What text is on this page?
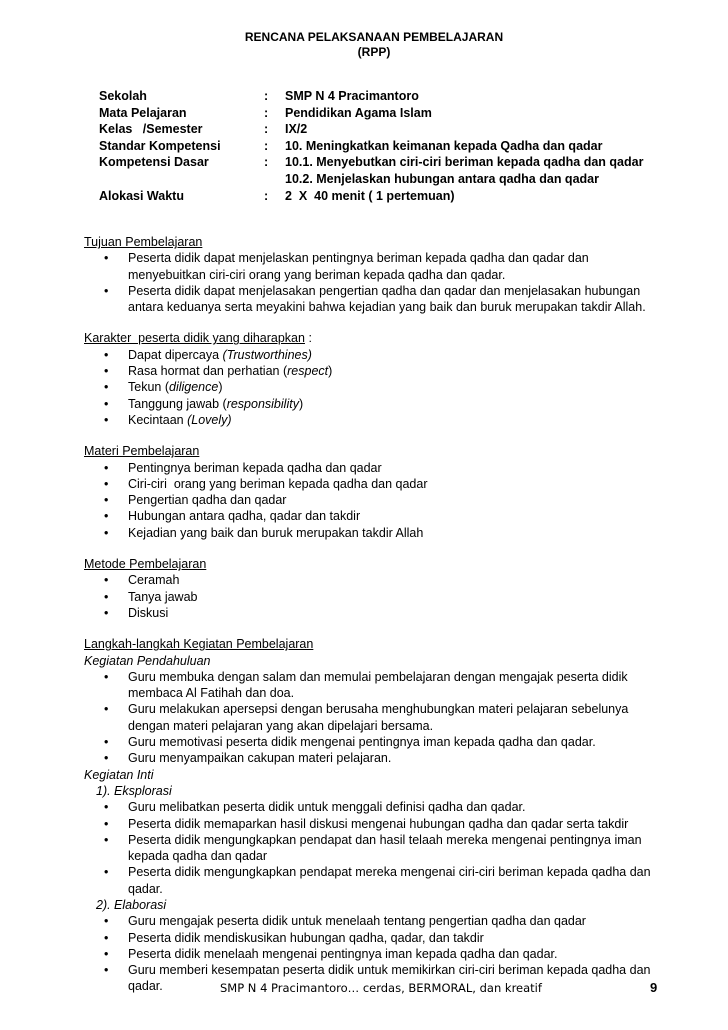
RENCANA PELAKSANAAN PEMBELAJARAN
(RPP)
Sekolah	: SMP N 4 Pracimantoro
Mata Pelajaran	: Pendidikan Agama Islam
Kelas   /Semester	: IX/2
Standar Kompetensi	: 10. Meningkatkan keimanan kepada Qadha dan qadar
Kompetensi Dasar	: 10.1. Menyebutkan ciri-ciri beriman kepada qadha dan qadar
10.2. Menjelaskan hubungan antara qadha dan qadar
Alokasi Waktu	: 2  X  40 menit ( 1 pertemuan)
Tujuan Pembelajaran
• Peserta didik dapat menjelaskan pentingnya beriman kepada qadha dan qadar dan
menyebuitkan ciri-ciri orang yang beriman kepada qadha dan qadar.
• Peserta didik dapat menjelasakan pengertian qadha dan qadar dan menjelasakan hubungan
antara keduanya serta meyakini bahwa kejadian yang baik dan buruk merupakan takdir Allah.
Karakter  peserta didik yang diharapkan :
• Dapat dipercaya (Trustworthines)
• Rasa hormat dan perhatian (respect)
• Tekun (diligence)
• Tanggung jawab (responsibility)
• Kecintaan (Lovely)
Materi Pembelajaran
• Pentingnya beriman kepada qadha dan qadar
• Ciri-ciri  orang yang beriman kepada qadha dan qadar
• Pengertian qadha dan qadar
• Hubungan antara qadha, qadar dan takdir
• Kejadian yang baik dan buruk merupakan takdir Allah
Metode Pembelajaran
• Ceramah
• Tanya jawab
• Diskusi
Langkah-langkah Kegiatan Pembelajaran
Kegiatan Pendahuluan
• Guru membuka dengan salam dan memulai pembelajaran dengan mengajak peserta didik
membaca Al Fatihah dan doa.
• Guru melakukan apersepsi dengan berusaha menghubungkan materi pelajaran sebelunya
dengan materi pelajaran yang akan dipelajari bersama.
• Guru memotivasi peserta didik mengenai pentingnya iman kepada qadha dan qadar.
• Guru menyampaikan cakupan materi pelajaran.
Kegiatan Inti
1). Eksplorasi
• Guru melibatkan peserta didik untuk menggali definisi qadha dan qadar.
• Peserta didik memaparkan hasil diskusi mengenai hubungan qadha dan qadar serta takdir
• Peserta didik mengungkapkan pendapat dan hasil telaah mereka mengenai pentingnya iman
kepada qadha dan qadar
• Peserta didik mengungkapkan pendapat mereka mengenai ciri-ciri beriman kepada qadha dan
qadar.
2). Elaborasi
• Guru mengajak peserta didik untuk menelaah tentang pengertian qadha dan qadar
• Peserta didik mendiskusikan hubungan qadha, qadar, dan takdir
• Peserta didik menelaah mengenai pentingnya iman kepada qadha dan qadar.
• Guru memberi kesempatan peserta didik untuk memikirkan ciri-ciri beriman kepada qadha dan
qadar.	SMP N 4 Pracimantoro… cerdas, BERMORAL, dan kreatif	9
